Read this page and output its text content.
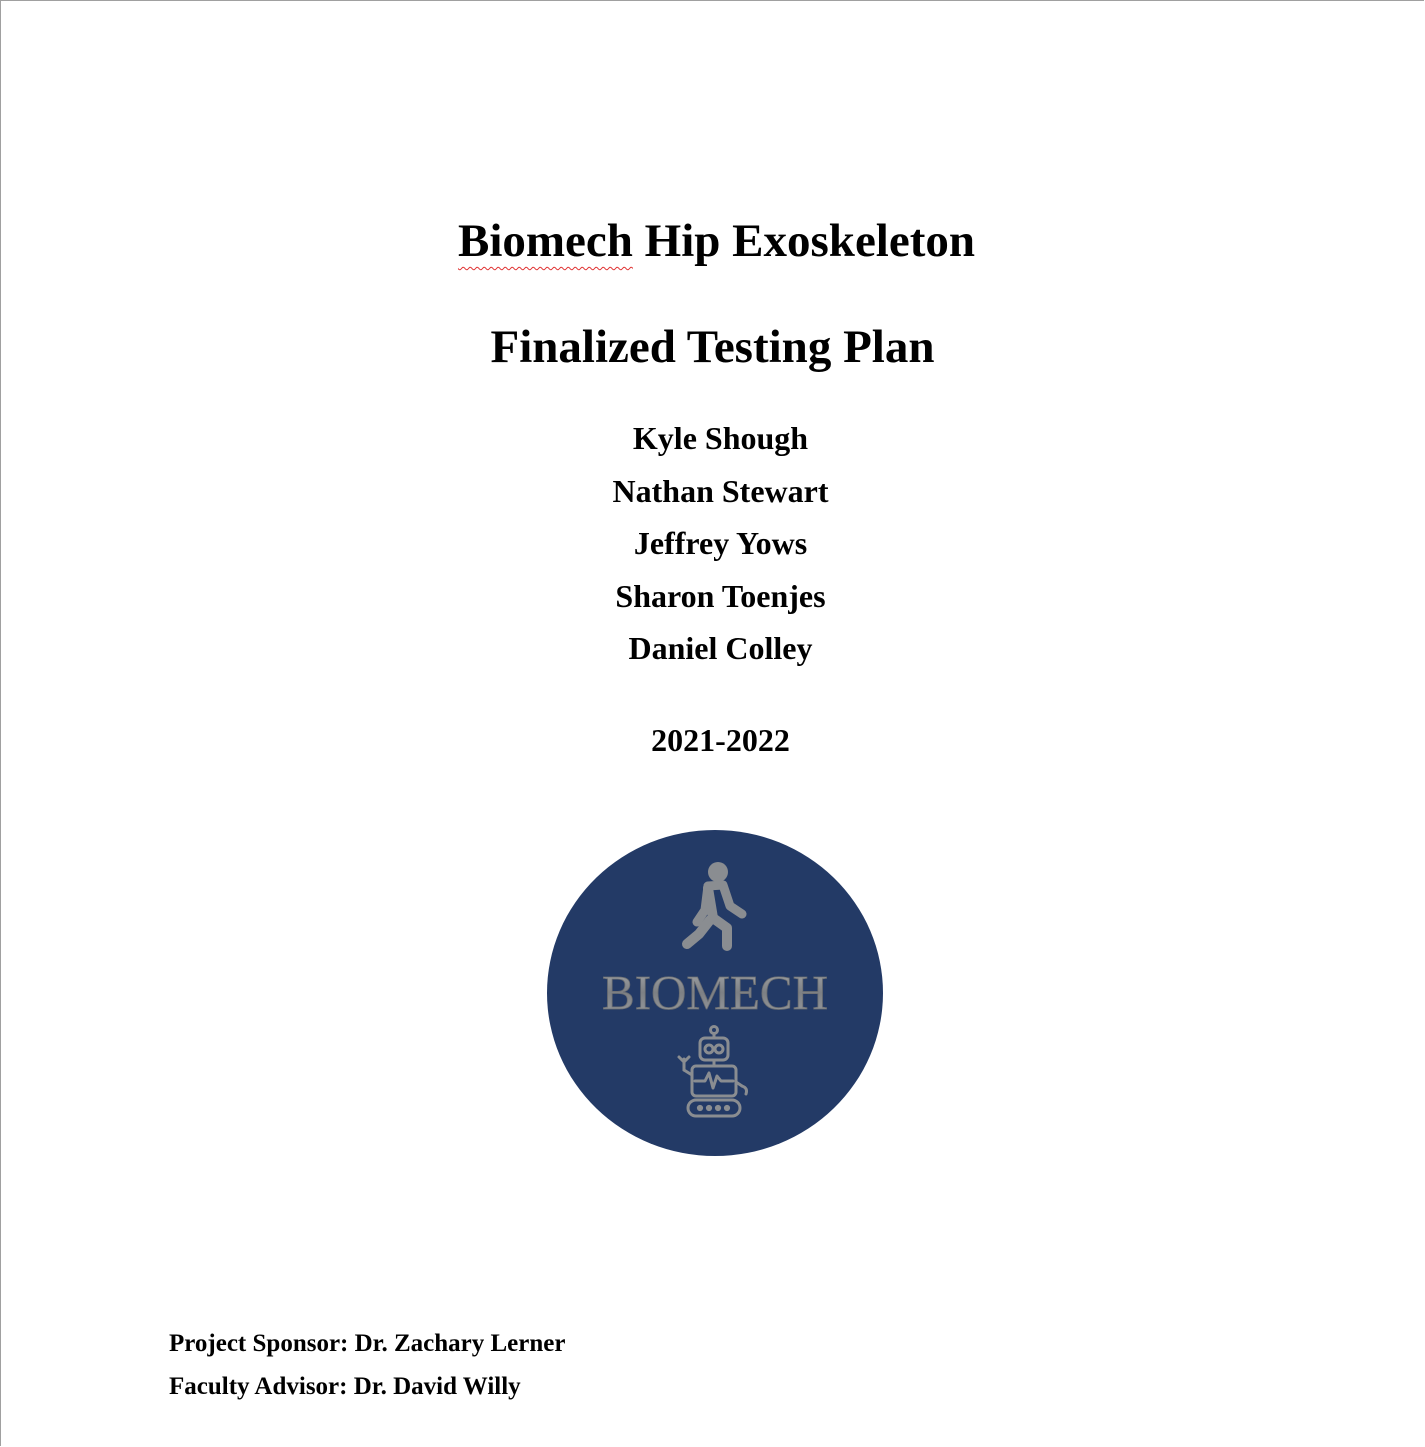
Biomech Hip Exoskeleton
Finalized Testing Plan
Kyle Shough
Nathan Stewart
Jeffrey Yows
Sharon Toenjes
Daniel Colley
2021-2022
BIOMECH
Project Sponsor: Dr. Zachary Lerner
Faculty Advisor: Dr. David Willy
